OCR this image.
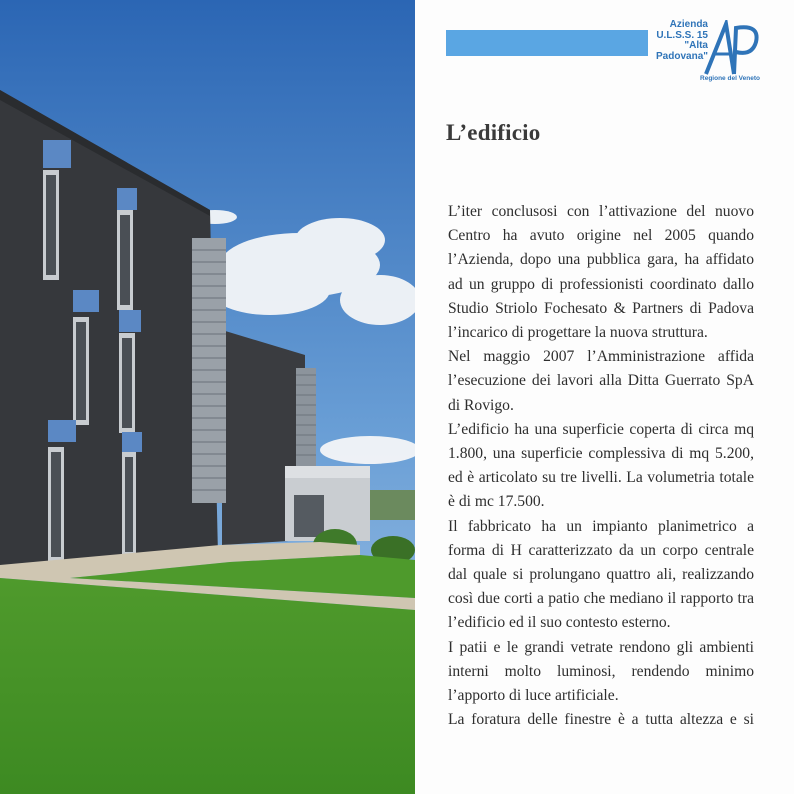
Azienda
U.L.S.S. 15
"Alta
Padovana"
Regione del Veneto
L’edificio

L’iter conclusosi con l’attivazione del nuovo Centro ha avuto origine nel 2005 quando l’Azienda, dopo una pubblica gara, ha affidato ad un gruppo di professionisti coordinato dallo Studio Striolo Fochesato & Partners di Padova l’incarico di progettare la nuova struttura.

Nel maggio 2007 l’Amministrazione affida l’esecuzione dei lavori alla Ditta Guerrato SpA di Rovigo.

L’edificio ha una superficie coperta di circa mq 1.800, una superficie complessiva di mq 5.200, ed è articolato su tre livelli. La volumetria totale è di mc 17.500.

Il fabbricato ha un impianto planimetrico a forma di H caratterizzato da un corpo centrale dal quale si prolungano quattro ali, realizzando così due corti a patio che mediano il rapporto tra l’edificio ed il suo contesto esterno.

I patii e le grandi vetrate rendono gli ambienti interni molto luminosi, rendendo minimo l’apporto di luce artificiale.

La foratura delle finestre è a tutta altezza e si
